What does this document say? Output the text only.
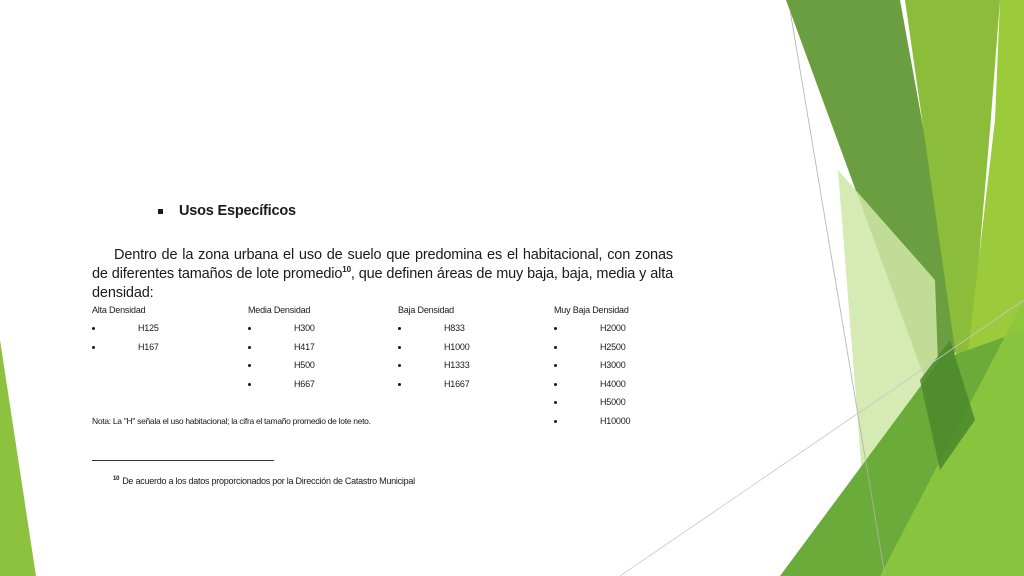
Usos Específicos

Dentro de la zona urbana el uso de suelo que predomina es el habitacional, con zonas de diferentes tamaños de lote promedio$^{10}$, que definen áreas de muy baja, baja, media y alta densidad:

Alta Densidad
H125
H167
Media Densidad
H300
H417
H500
H667
Baja Densidad
H833
H1000
H1333
H1667
Muy Baja Densidad
H2000
H2500
H3000
H4000
H5000
H10000
Nota: La "H" señala el uso habitacional; la cifra el tamaño promedio de lote neto.
$^{10}$ De acuerdo a los datos proporcionados por la Dirección de Catastro Municipal
